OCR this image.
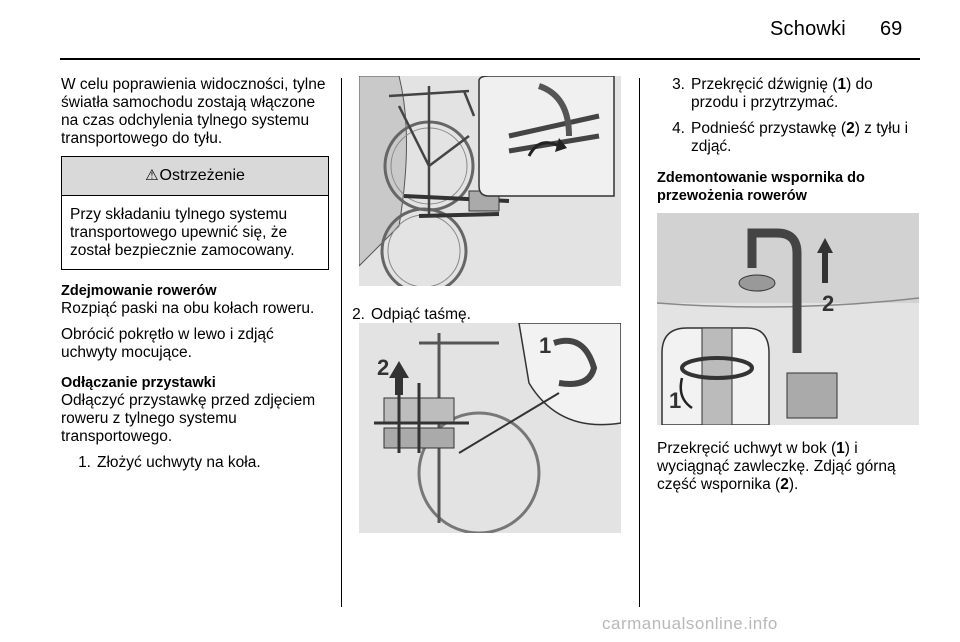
Schowki 69

W celu poprawienia widoczności, tylne światła samochodu zostają włączone na czas odchylenia tylnego systemu transportowego do tyłu.

⚠Ostrzeżenie
Przy składaniu tylnego systemu transportowego upewnić się, że został bezpiecznie zamocowany.

Zdejmowanie rowerów

Rozpiąć paski na obu kołach roweru.

Obrócić pokrętło w lewo i zdjąć uchwyty mocujące.

Odłączanie przystawki

Odłączyć przystawkę przed zdjęciem roweru z tylnego systemu transportowego.

1. Złożyć uchwyty na koła.
2. Odpiąć taśmę.
2
1
3. Przekręcić dźwignię (1) do przodu i przytrzymać.
4. Podnieść przystawkę (2) z tyłu i zdjąć.

Zdemontowanie wspornika do przewożenia rowerów

2
1

Przekręcić uchwyt w bok (1) i wyciągnąć zawleczkę. Zdjąć górną część wspornika (2).

carmanualsonline.info
